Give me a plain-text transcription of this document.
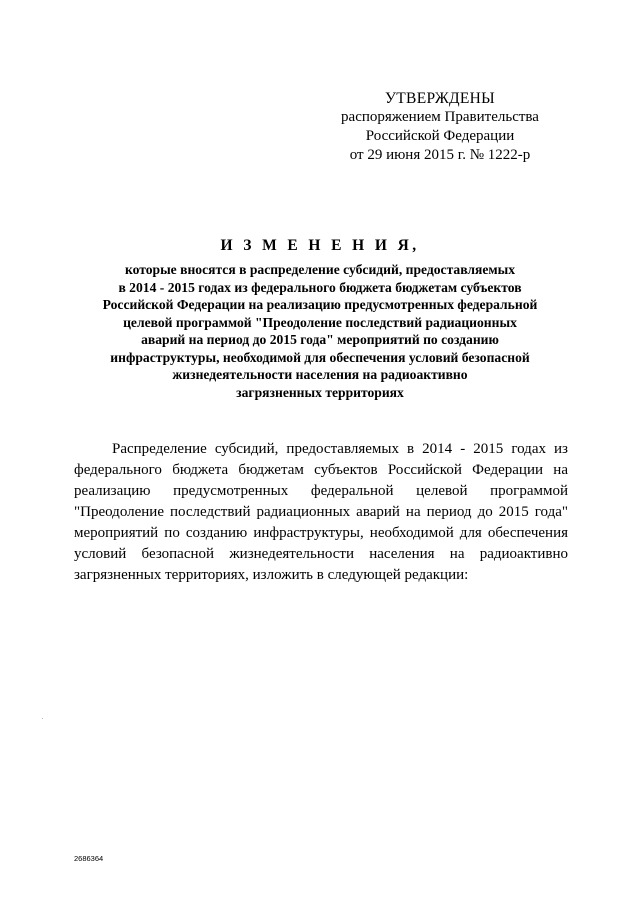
УТВЕРЖДЕНЫ
распоряжением Правительства
Российской Федерации
от 29 июня 2015 г. № 1222-р
И З М Е Н Е Н И Я,
которые вносятся в распределение субсидий, предоставляемых
в 2014 - 2015 годах из федерального бюджета бюджетам субъектов
Российской Федерации на реализацию предусмотренных федеральной
целевой программой "Преодоление последствий радиационных
аварий на период до 2015 года" мероприятий по созданию
инфраструктуры, необходимой для обеспечения условий безопасной
жизнедеятельности населения на радиоактивно
загрязненных территориях
Распределение субсидий, предоставляемых в 2014 - 2015 годах из
федерального бюджета бюджетам субъектов Российской Федерации на
реализацию предусмотренных федеральной целевой программой
"Преодоление последствий радиационных аварий на период до 2015 года"
мероприятий по созданию инфраструктуры, необходимой для обеспечения
условий безопасной жизнедеятельности населения на радиоактивно
загрязненных территориях, изложить в следующей редакции:
2686364
